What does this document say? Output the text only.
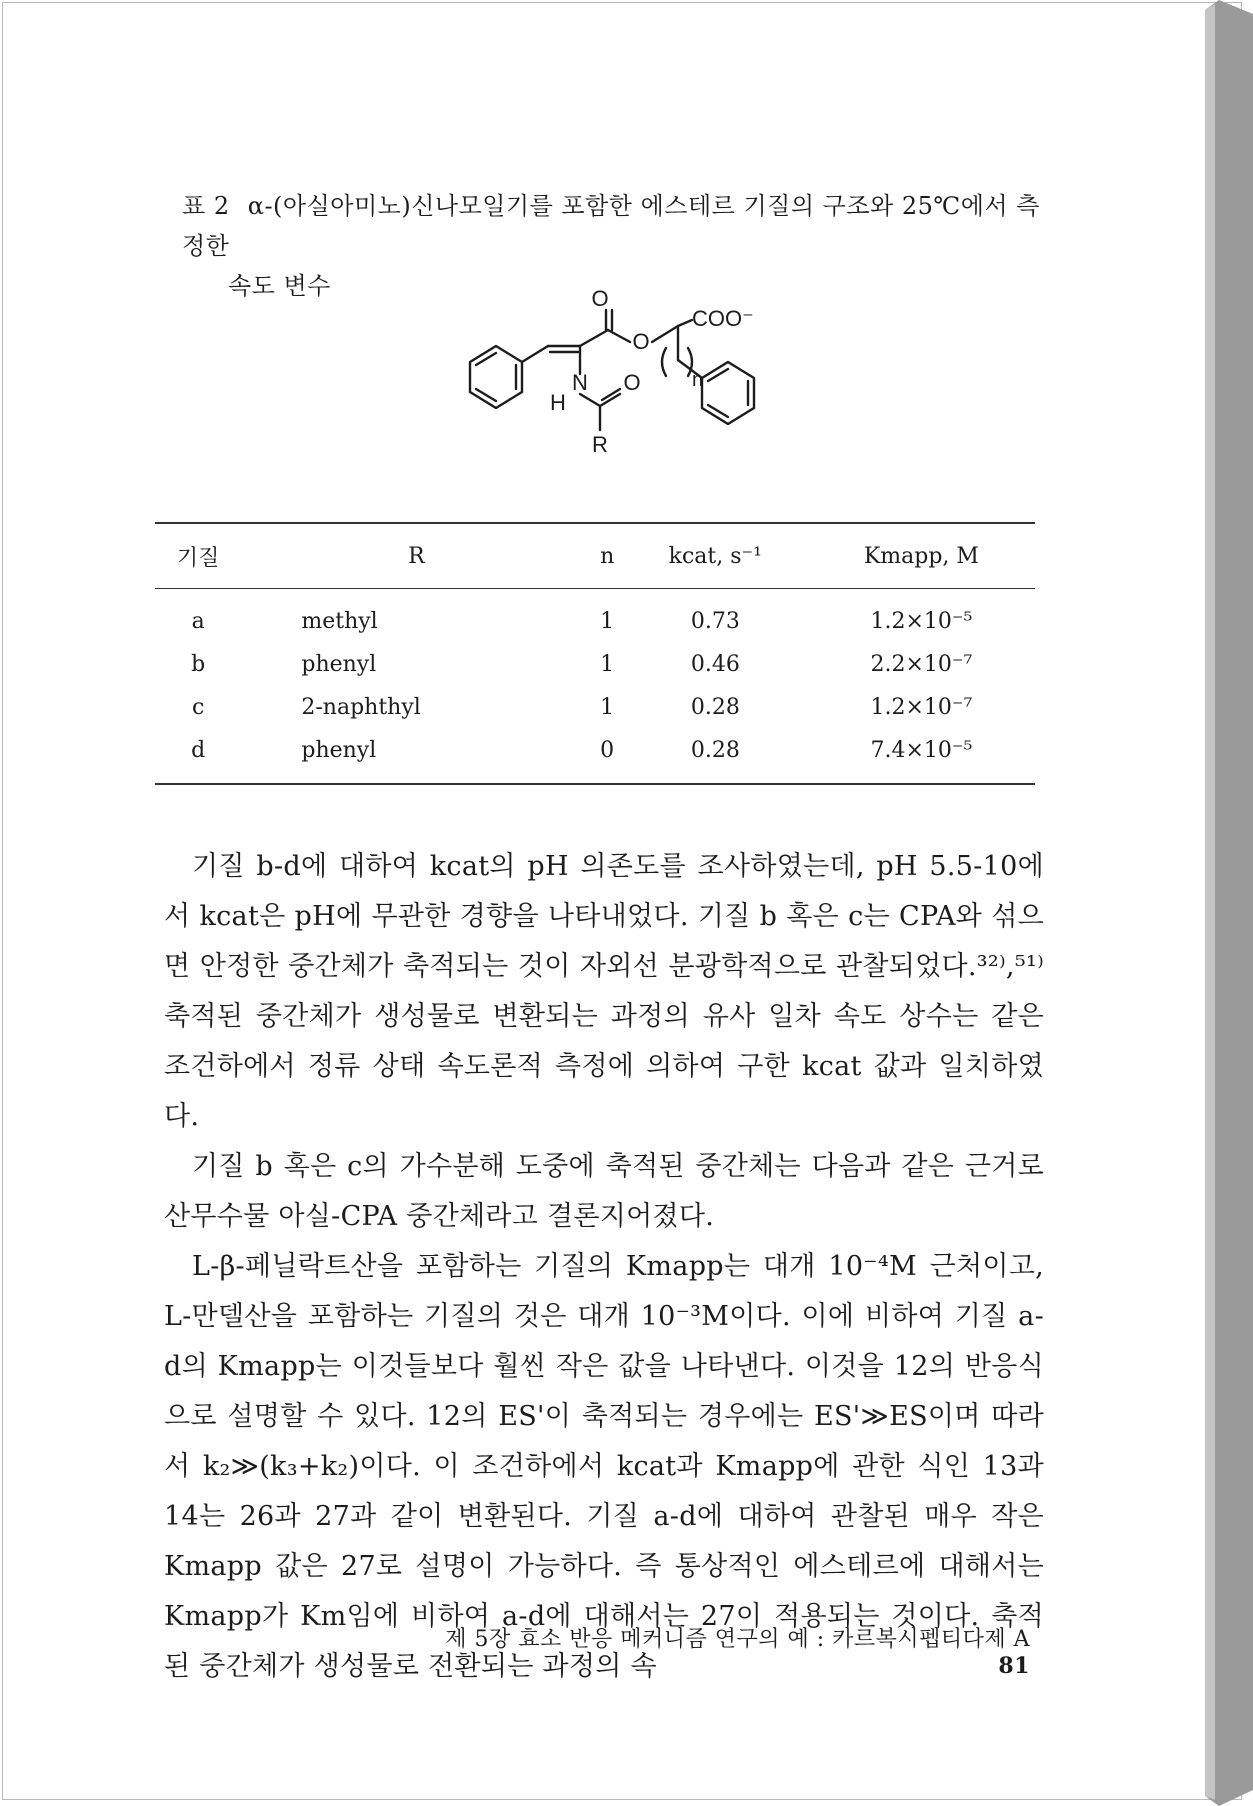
표 2 α-(아실아미노)신나모일기를 포함한 에스테르 기질의 구조와 25℃에서 측정한
속도 변수	O
O
COO⁻
N
H
O
R
n
기질	R	n	kcat, s⁻¹	Kmapp, M
a	methyl	1	0.73	1.2×10⁻⁵
b	phenyl	1	0.46	2.2×10⁻⁷
c	2-naphthyl	1	0.28	1.2×10⁻⁷
d	phenyl	0	0.28	7.4×10⁻⁵

기질 b-d에 대하여 kcat의 pH 의존도를 조사하였는데, pH 5.5-10에서 kcat은 pH에 무관한 경향을 나타내었다. 기질 b 혹은 c는 CPA와 섞으면 안정한 중간체가 축적되는 것이 자외선 분광학적으로 관찰되었다.³²⁾,⁵¹⁾ 축적된 중간체가 생성물로 변환되는 과정의 유사 일차 속도 상수는 같은 조건하에서 정류 상태 속도론적 측정에 의하여 구한 kcat 값과 일치하였다.

기질 b 혹은 c의 가수분해 도중에 축적된 중간체는 다음과 같은 근거로 산무수물 아실-CPA 중간체라고 결론지어졌다.

L-β-페닐락트산을 포함하는 기질의 Kmapp는 대개 10⁻⁴M 근처이고, L-만델산을 포함하는 기질의 것은 대개 10⁻³M이다. 이에 비하여 기질 a-d의 Kmapp는 이것들보다 훨씬 작은 값을 나타낸다. 이것을 12의 반응식으로 설명할 수 있다. 12의 ES'이 축적되는 경우에는 ES'≫ES이며 따라서 k₂≫(k₃+k₂)이다. 이 조건하에서 kcat과 Kmapp에 관한 식인 13과 14는 26과 27과 같이 변환된다. 기질 a-d에 대하여 관찰된 매우 작은 Kmapp 값은 27로 설명이 가능하다. 즉 통상적인 에스테르에 대해서는 Kmapp가 Km임에 비하여 a-d에 대해서는 27이 적용되는 것이다. 축적된 중간체가 생성물로 전환되는 과정의 속

제 5장 효소 반응 메커니즘 연구의 예 : 카르복시펩티다제 A 81
